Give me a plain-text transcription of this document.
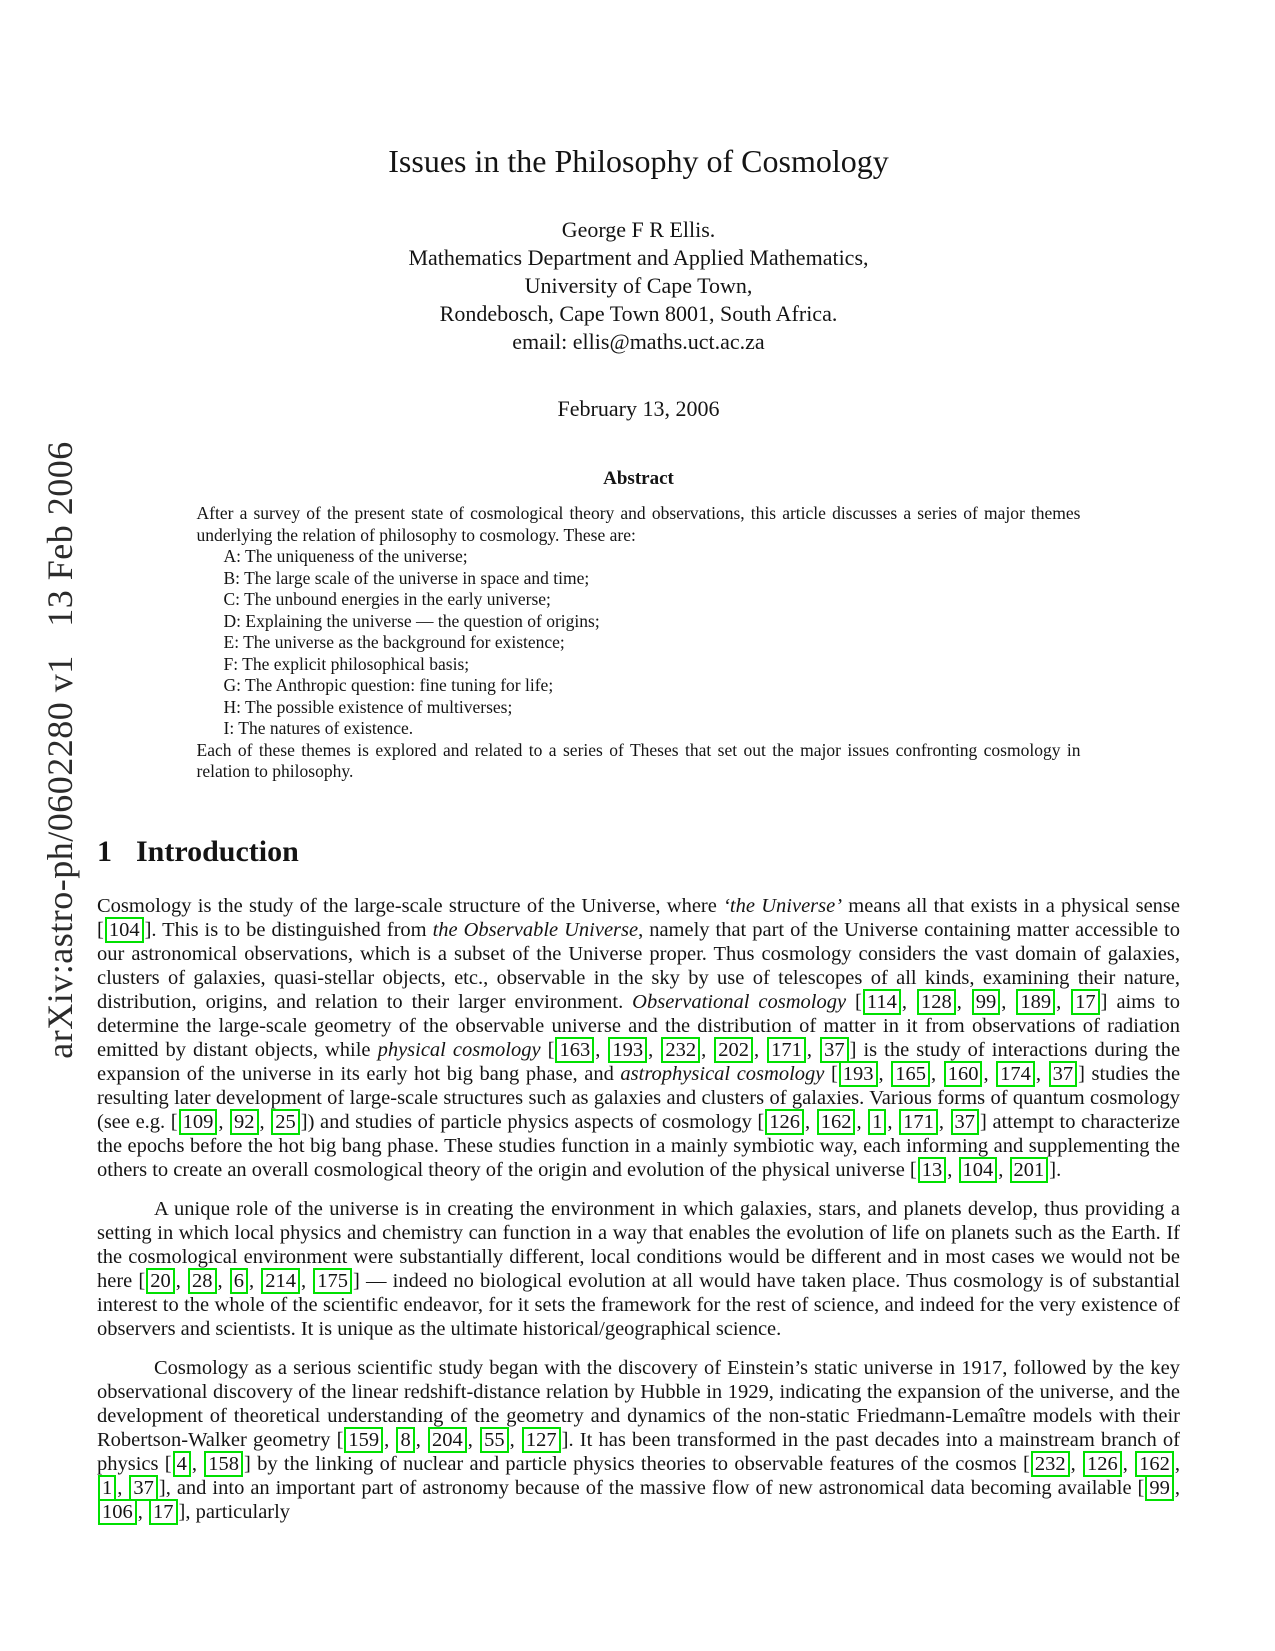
arXiv:astro-ph/0602280 v1   13 Feb 2006
Issues in the Philosophy of Cosmology
George F R Ellis.
Mathematics Department and Applied Mathematics,
University of Cape Town,
Rondebosch, Cape Town 8001, South Africa.
email: ellis@maths.uct.ac.za
February 13, 2006
Abstract
After a survey of the present state of cosmological theory and observations, this article discusses a series of major themes underlying the relation of philosophy to cosmology. These are:
A: The uniqueness of the universe;
B: The large scale of the universe in space and time;
C: The unbound energies in the early universe;
D: Explaining the universe — the question of origins;
E: The universe as the background for existence;
F: The explicit philosophical basis;
G: The Anthropic question: fine tuning for life;
H: The possible existence of multiverses;
I: The natures of existence.
Each of these themes is explored and related to a series of Theses that set out the major issues confronting cosmology in relation to philosophy.
1 Introduction

Cosmology is the study of the large-scale structure of the Universe, where ‘the Universe’ means all that exists in a physical sense [ 104 ]. This is to be distinguished from the Observable Universe, namely that part of the Universe containing matter accessible to our astronomical observations, which is a subset of the Universe proper. Thus cosmology considers the vast domain of galaxies, clusters of galaxies, quasi-stellar objects, etc., observable in the sky by use of telescopes of all kinds, examining their nature, distribution, origins, and relation to their larger environment. Observational cosmology [ 114 , 128 , 99 , 189 , 17 ] aims to determine the large-scale geometry of the observable universe and the distribution of matter in it from observations of radiation emitted by distant objects, while physical cosmology [ 163 , 193 , 232 , 202 , 171 , 37 ] is the study of interactions during the expansion of the universe in its early hot big bang phase, and astrophysical cosmology [ 193 , 165 , 160 , 174 , 37 ] studies the resulting later development of large-scale structures such as galaxies and clusters of galaxies. Various forms of quantum cosmology (see e.g. [ 109 , 92 , 25 ]) and studies of particle physics aspects of cosmology [ 126 , 162 , 1 , 171 , 37 ] attempt to characterize the epochs before the hot big bang phase. These studies function in a mainly symbiotic way, each informing and supplementing the others to create an overall cosmological theory of the origin and evolution of the physical universe [ 13 , 104 , 201 ].

A unique role of the universe is in creating the environment in which galaxies, stars, and planets develop, thus providing a setting in which local physics and chemistry can function in a way that enables the evolution of life on planets such as the Earth. If the cosmological environment were substantially different, local conditions would be different and in most cases we would not be here [ 20 , 28 , 6 , 214 , 175 ] — indeed no biological evolution at all would have taken place. Thus cosmology is of substantial interest to the whole of the scientific endeavor, for it sets the framework for the rest of science, and indeed for the very existence of observers and scientists. It is unique as the ultimate historical/geographical science.

Cosmology as a serious scientific study began with the discovery of Einstein’s static universe in 1917, followed by the key observational discovery of the linear redshift-distance relation by Hubble in 1929, indicating the expansion of the universe, and the development of theoretical understanding of the geometry and dynamics of the non-static Friedmann-Lemaître models with their Robertson-Walker geometry [ 159 , 8 , 204 , 55 , 127 ]. It has been transformed in the past decades into a mainstream branch of physics [ 4 , 158 ] by the linking of nuclear and particle physics theories to observable features of the cosmos [ 232 , 126 , 162 , 1 , 37 ], and into an important part of astronomy because of the massive flow of new astronomical data becoming available [ 99 , 106 , 17 ], particularly
